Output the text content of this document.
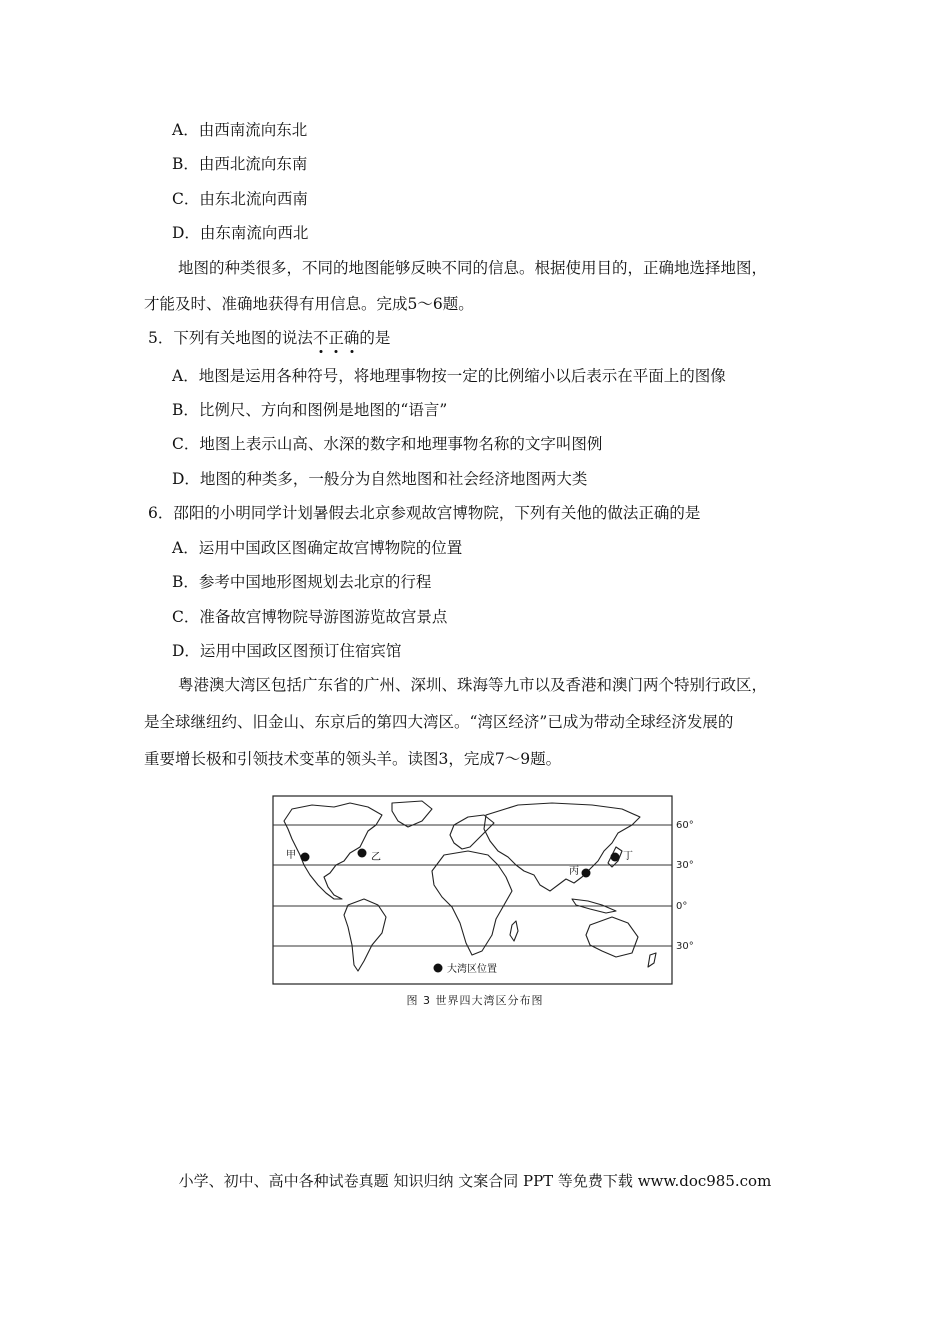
A．由西南流向东北
B．由西北流向东南
C．由东北流向西南
D．由东南流向西北
地图的种类很多，不同的地图能够反映不同的信息。根据使用目的，正确地选择地图，
才能及时、准确地获得有用信息。完成5～6题。
5．下列有关地图的说法不正确的是
A．地图是运用各种符号，将地理事物按一定的比例缩小以后表示在平面上的图像
B．比例尺、方向和图例是地图的“语言”
C．地图上表示山高、水深的数字和地理事物名称的文字叫图例
D．地图的种类多，一般分为自然地图和社会经济地图两大类
6．邵阳的小明同学计划暑假去北京参观故宫博物院，下列有关他的做法正确的是
A．运用中国政区图确定故宫博物院的位置
B．参考中国地形图规划去北京的行程
C．准备故宫博物院导游图游览故宫景点
D．运用中国政区图预订住宿宾馆
粤港澳大湾区包括广东省的广州、深圳、珠海等九市以及香港和澳门两个特别行政区，
是全球继纽约、旧金山、东京后的第四大湾区。“湾区经济”已成为带动全球经济发展的
重要增长极和引领技术变革的领头羊。读图3，完成7～9题。
甲	乙
丙
丁
大湾区位置
60°
30°
0°
30°
图 3 世界四大湾区分布图
小学、初中、高中各种试卷真题 知识归纳 文案合同 PPT 等免费下载 www.doc985.com
